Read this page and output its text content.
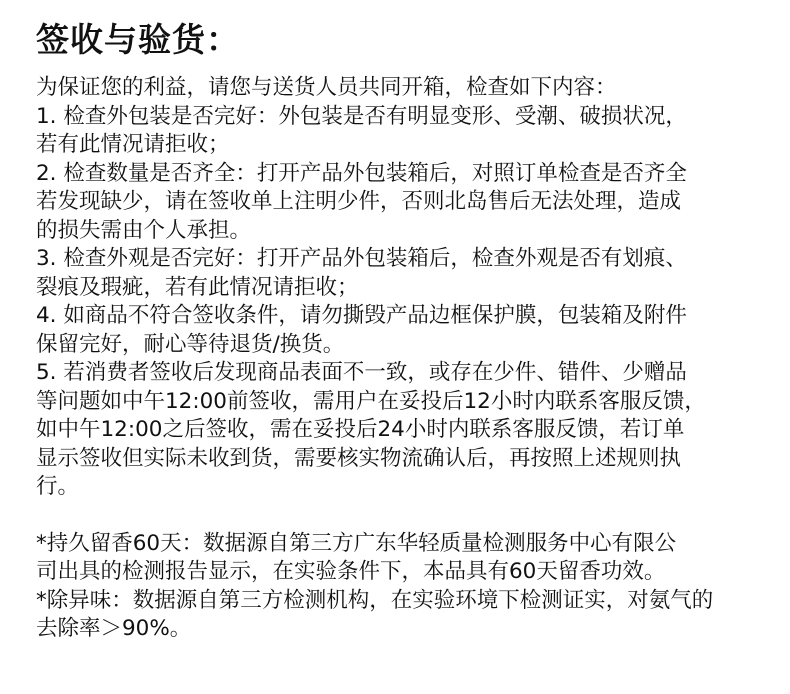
签收与验货：

为保证您的利益，请您与送货人员共同开箱，检查如下内容：

1. 检查外包装是否完好：外包装是否有明显变形、受潮、破损状况，
若有此情况请拒收；
2. 检查数量是否齐全：打开产品外包装箱后，对照订单检查是否齐全
若发现缺少，请在签收单上注明少件，否则北岛售后无法处理，造成
的损失需由个人承担。
3. 检查外观是否完好：打开产品外包装箱后，检查外观是否有划痕、
裂痕及瑕疵，若有此情况请拒收；
4. 如商品不符合签收条件，请勿撕毁产品边框保护膜，包装箱及附件
保留完好，耐心等待退货/换货。
5. 若消费者签收后发现商品表面不一致，或存在少件、错件、少赠品
等问题如中午12:00前签收，需用户在妥投后12小时内联系客服反馈，
如中午12:00之后签收，需在妥投后24小时内联系客服反馈，若订单
显示签收但实际未收到货，需要核实物流确认后，再按照上述规则执
行。
*持久留香60天：数据源自第三方广东华轻质量检测服务中心有限公
司出具的检测报告显示，在实验条件下，本品具有60天留香功效。
*除异味：数据源自第三方检测机构，在实验环境下检测证实，对氨气的
去除率＞90%。
